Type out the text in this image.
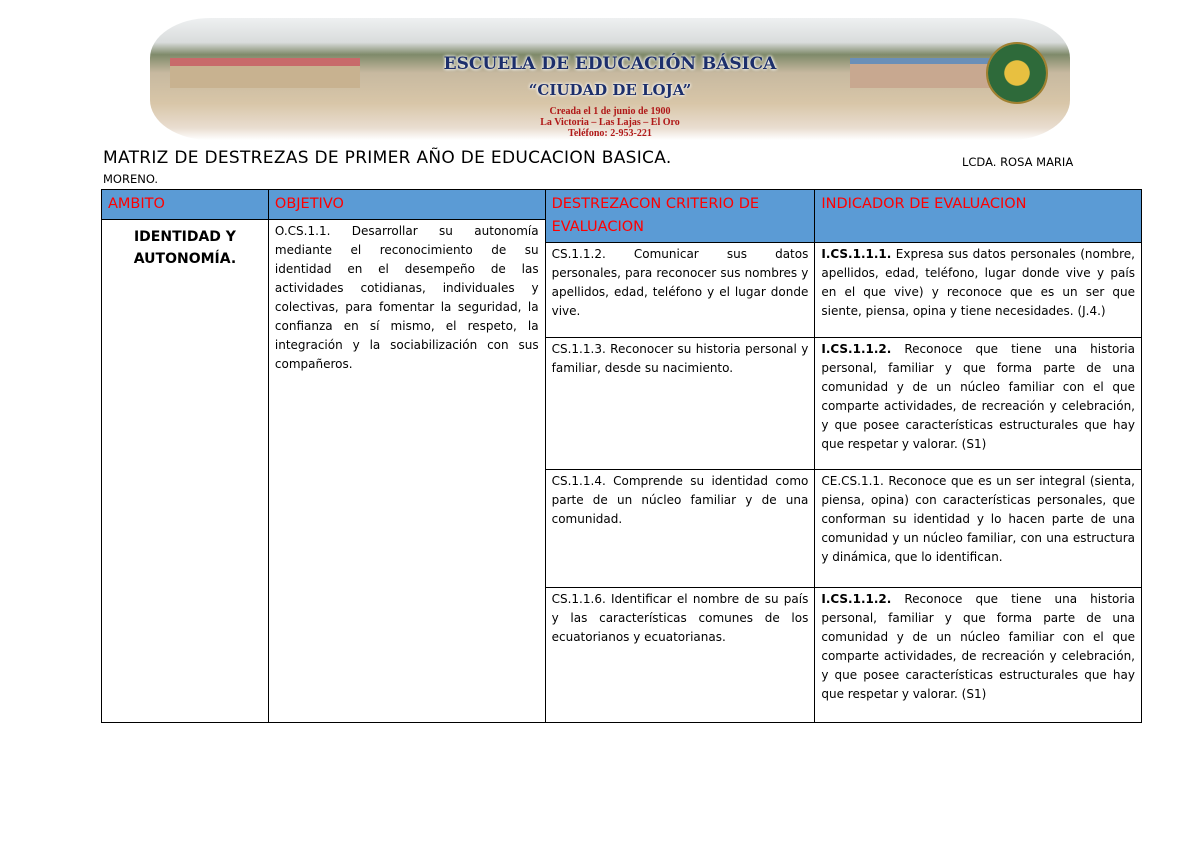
ESCUELA DE EDUCACIÓN BÁSICA
“CIUDAD DE LOJA”
Creada el 1 de junio de 1900
La Victoria – Las Lajas – El Oro
Teléfono: 2-953-221
MATRIZ DE DESTREZAS DE PRIMER AÑO DE EDUCACION BASICA.	LCDA. ROSA MARIA
MORENO.
AMBITO	OBJETIVO	DESTREZACON CRITERIO DE EVALUACION	INDICADOR DE EVALUACION
IDENTIDAD Y AUTONOMÍA.	O.CS.1.1. Desarrollar su autonomía mediante el reconocimiento de su identidad en el desempeño de las actividades cotidianas, individuales y colectivas, para fomentar la seguridad, la confianza en sí mismo, el respeto, la integración y la sociabilización con sus compañeros.		
		CS.1.1.2. Comunicar sus datos personales, para reconocer sus nombres y apellidos, edad, teléfono y el lugar donde vive.	I.CS.1.1.1. Expresa sus datos personales (nombre, apellidos, edad, teléfono, lugar donde vive y país en el que vive) y reconoce que es un ser que siente, piensa, opina y tiene necesidades. (J.4.)
		CS.1.1.3. Reconocer su historia personal y familiar, desde su nacimiento.	I.CS.1.1.2. Reconoce que tiene una historia personal, familiar y que forma parte de una comunidad y de un núcleo familiar con el que comparte actividades, de recreación y celebración, y que posee características estructurales que hay que respetar y valorar. (S1)
		CS.1.1.4. Comprende su identidad como parte de un núcleo familiar y de una comunidad.	CE.CS.1.1. Reconoce que es un ser integral (sienta, piensa, opina) con características personales, que conforman su identidad y lo hacen parte de una comunidad y un núcleo familiar, con una estructura y dinámica, que lo identifican.
		CS.1.1.6. Identificar el nombre de su país y las características comunes de los ecuatorianos y ecuatorianas.	I.CS.1.1.2. Reconoce que tiene una historia personal, familiar y que forma parte de una comunidad y de un núcleo familiar con el que comparte actividades, de recreación y celebración, y que posee características estructurales que hay que respetar y valorar. (S1)
